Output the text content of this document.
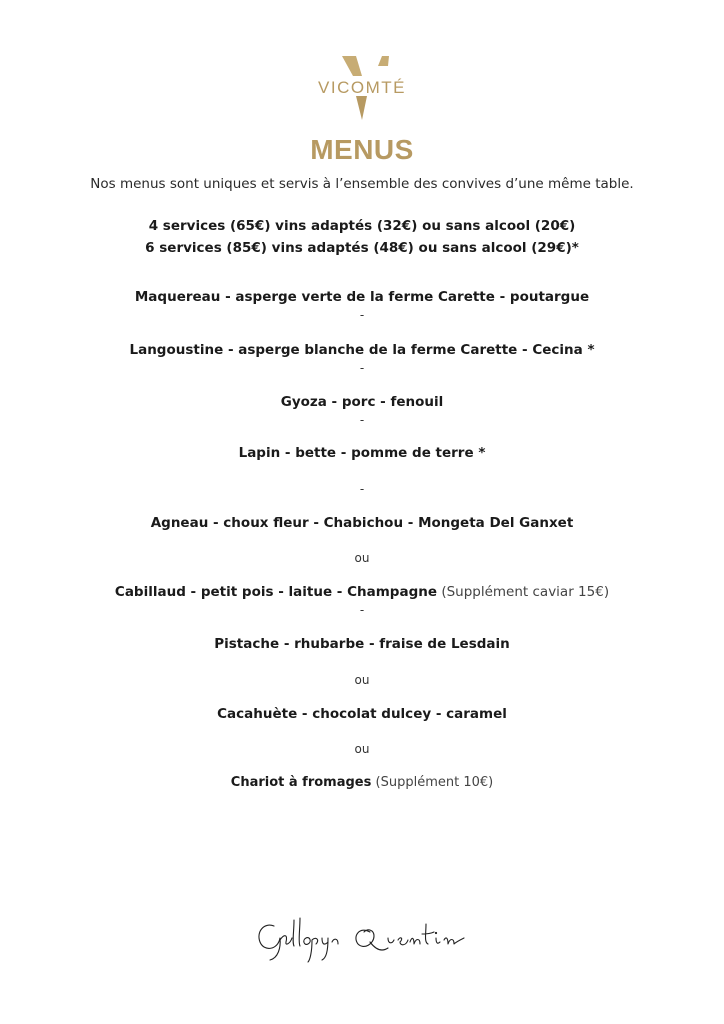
VICOMTÉ
MENUS
Nos menus sont uniques et servis à l’ensemble des convives d’une même table.
4 services (65€) vins adaptés (32€) ou sans alcool (20€)
6 services (85€) vins adaptés (48€) ou sans alcool (29€)*
Maquereau - asperge verte de la ferme Carette - poutargue
-
Langoustine - asperge blanche de la ferme Carette - Cecina *
-
Gyoza - porc - fenouil
-
Lapin - bette - pomme de terre *
-
Agneau - choux fleur - Chabichou - Mongeta Del Ganxet
ou
Cabillaud - petit pois - laitue - Champagne (Supplément caviar 15€)
-
Pistache - rhubarbe - fraise de Lesdain
ou
Cacahuète - chocolat dulcey - caramel
ou
Chariot à fromages (Supplément 10€)
